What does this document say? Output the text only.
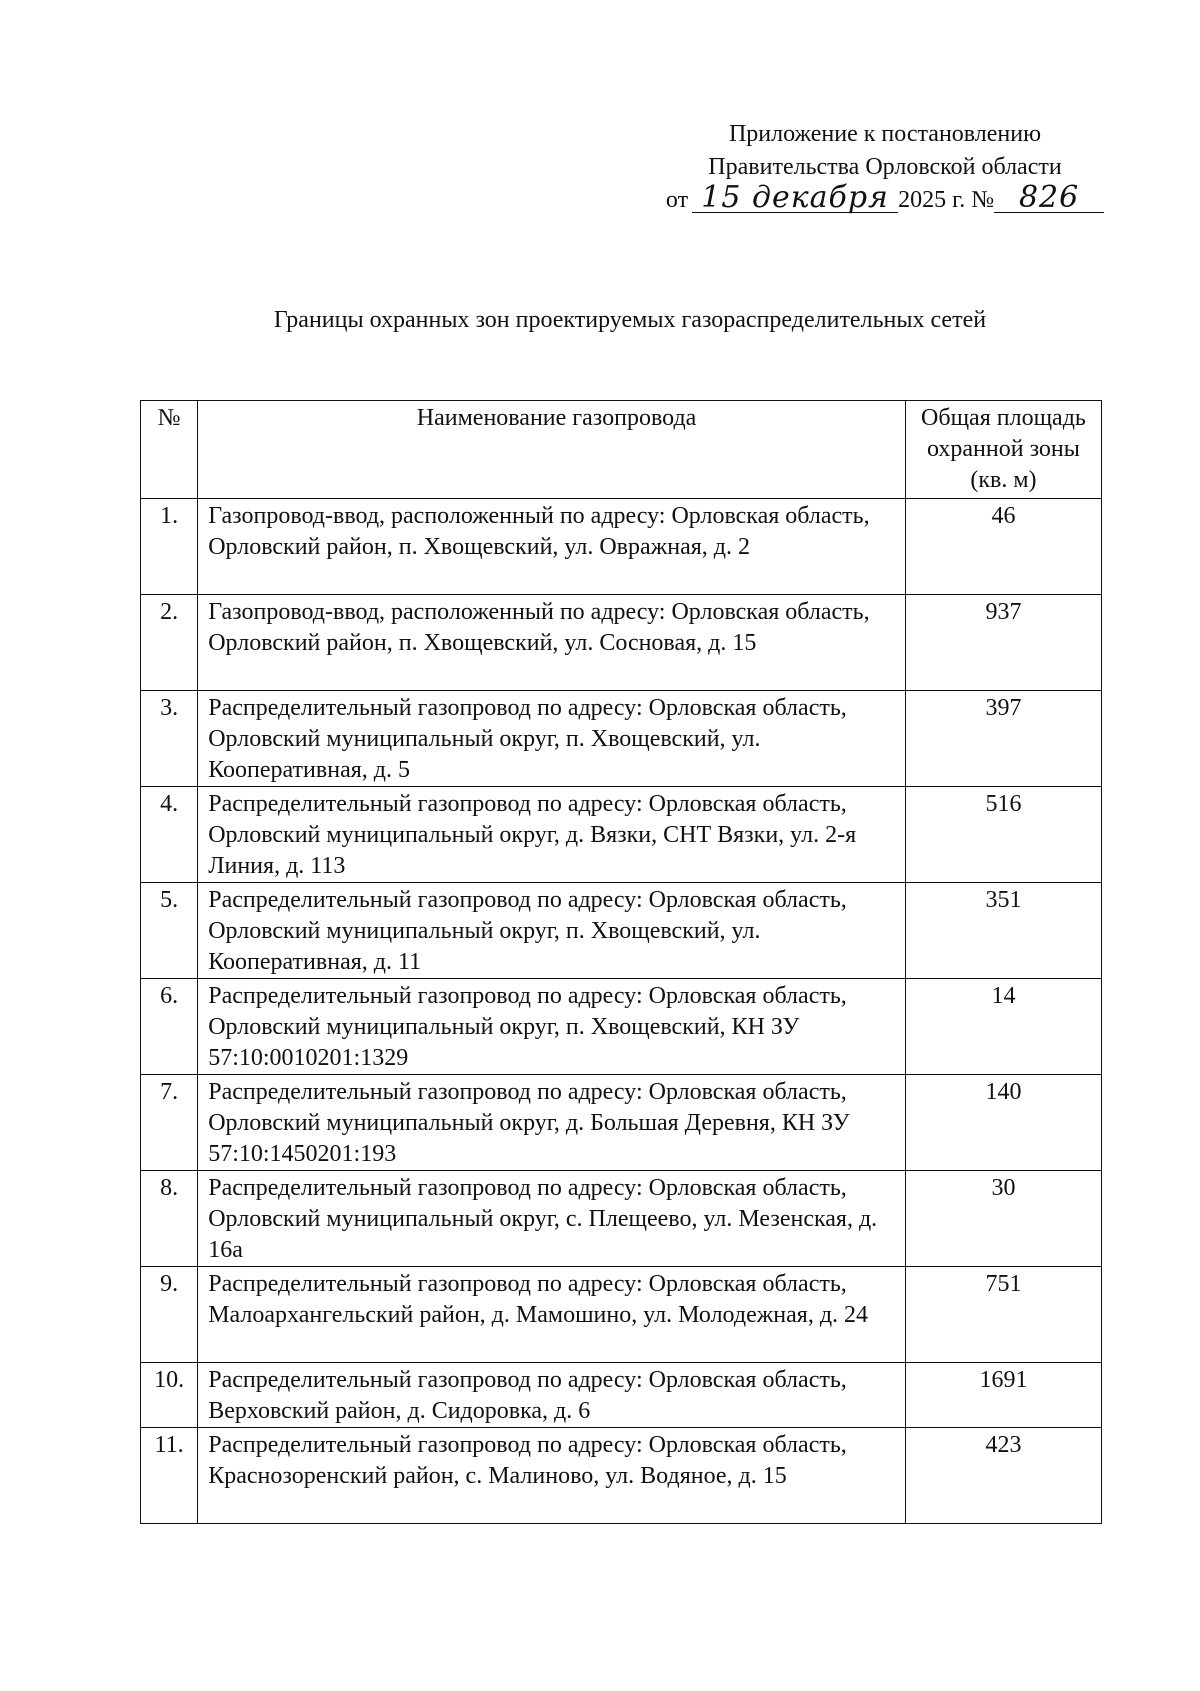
Приложение к постановлению
Правительства Орловской области
от 15 декабря 2025 г. № 826
Границы охранных зон проектируемых газораспределительных сетей
№	Наименование газопровода	Общая площадь охранной зоны (кв. м)
1.	Газопровод-ввод, расположенный по адресу: Орловская область, Орловский район, п. Хвощевский, ул. Овражная, д. 2	46
2.	Газопровод-ввод, расположенный по адресу: Орловская область, Орловский район, п. Хвощевский, ул. Сосновая, д. 15	937
3.	Распределительный газопровод по адресу: Орловская область, Орловский муниципальный округ, п. Хвощевский, ул. Кооперативная, д. 5	397
4.	Распределительный газопровод по адресу: Орловская область, Орловский муниципальный округ, д. Вязки, СНТ Вязки, ул. 2-я Линия, д. 113	516
5.	Распределительный газопровод по адресу: Орловская область, Орловский муниципальный округ, п. Хвощевский, ул. Кооперативная, д. 11	351
6.	Распределительный газопровод по адресу: Орловская область, Орловский муниципальный округ, п. Хвощевский, КН ЗУ 57:10:0010201:1329	14
7.	Распределительный газопровод по адресу: Орловская область, Орловский муниципальный округ, д. Большая Деревня, КН ЗУ 57:10:1450201:193	140
8.	Распределительный газопровод по адресу: Орловская область, Орловский муниципальный округ, с. Плещеево, ул. Мезенская, д. 16а	30
9.	Распределительный газопровод по адресу: Орловская область, Малоархангельский район, д. Мамошино, ул. Молодежная, д. 24	751
10.	Распределительный газопровод по адресу: Орловская область, Верховский район, д. Сидоровка, д. 6	1691
11.	Распределительный газопровод по адресу: Орловская область, Краснозоренский район, с. Малиново, ул. Водяное, д. 15	423
